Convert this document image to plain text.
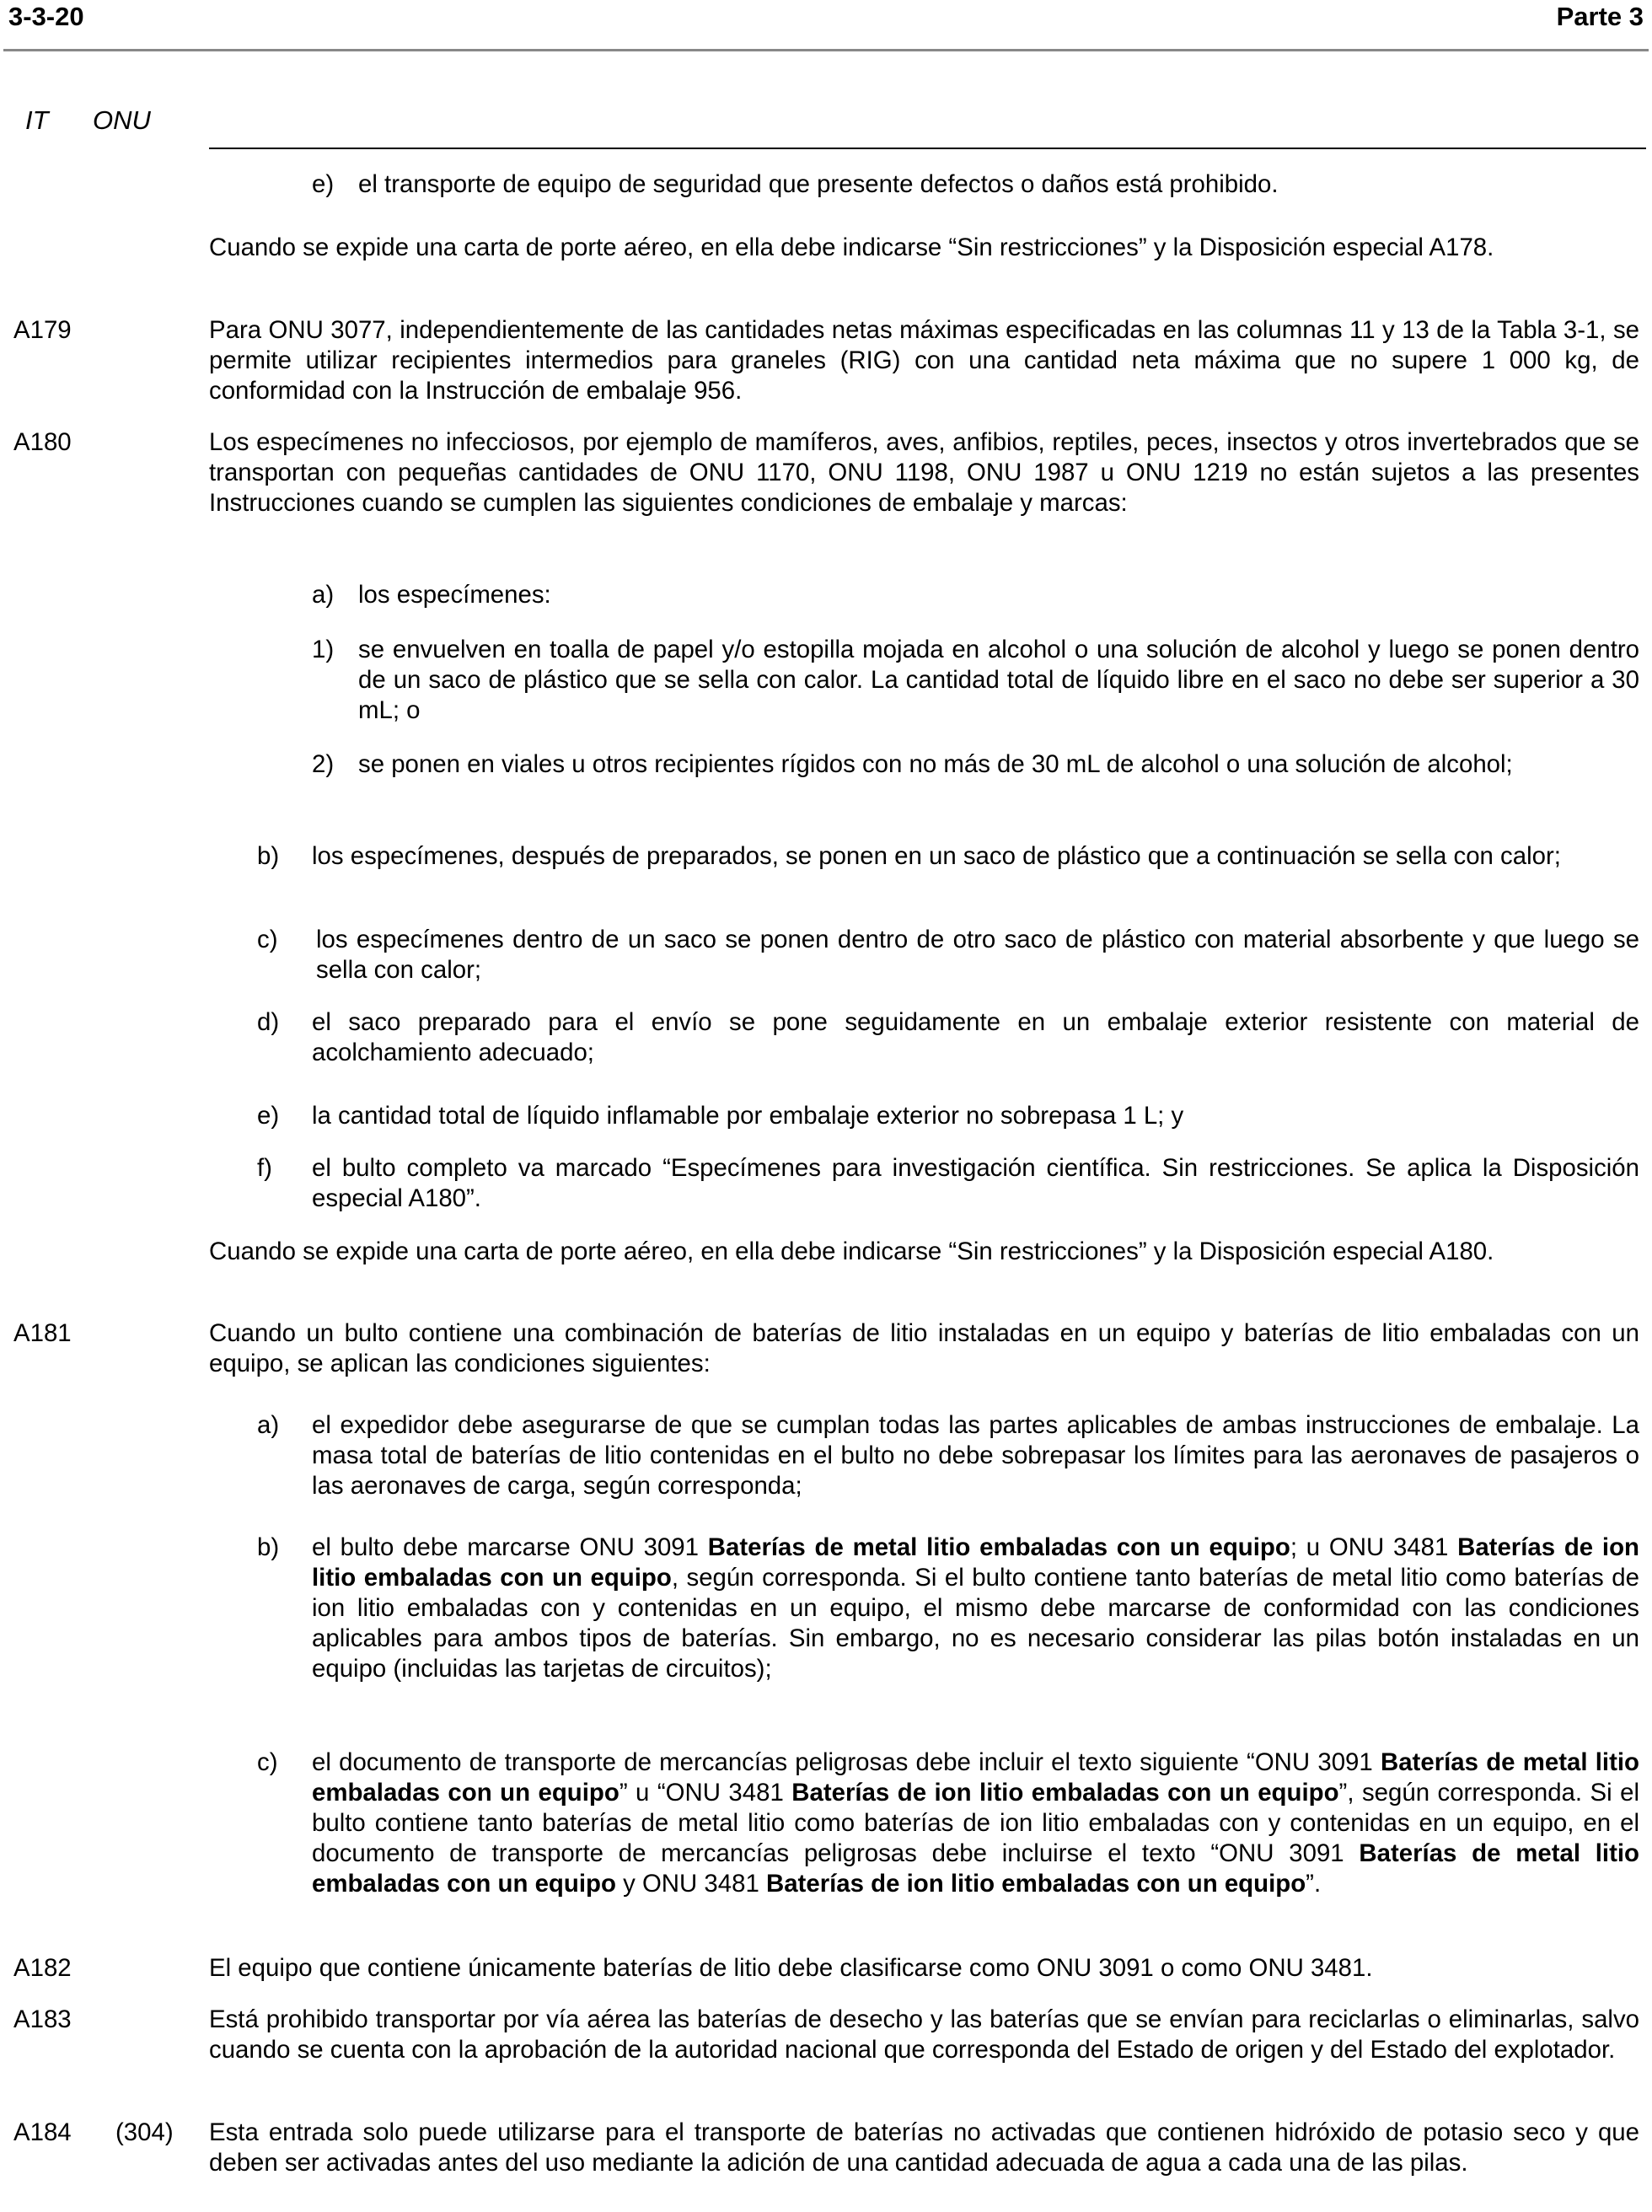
3-3-20	Parte 3
IT ONU
e) el transporte de equipo de seguridad que presente defectos o daños está prohibido.
Cuando se expide una carta de porte aéreo, en ella debe indicarse “Sin restricciones” y la Disposición especial A178.
A179	Para ONU 3077, independientemente de las cantidades netas máximas especificadas en las columnas 11 y 13 de la Tabla 3-1, se permite utilizar recipientes intermedios para graneles (RIG) con una cantidad neta máxima que no supere 1 000 kg, de conformidad con la Instrucción de embalaje 956.
A180	Los especímenes no infecciosos, por ejemplo de mamíferos, aves, anfibios, reptiles, peces, insectos y otros invertebrados que se transportan con pequeñas cantidades de ONU 1170, ONU 1198, ONU 1987 u ONU 1219 no están sujetos a las presentes Instrucciones cuando se cumplen las siguientes condiciones de embalaje y marcas:
a) los especímenes:
1) se envuelven en toalla de papel y/o estopilla mojada en alcohol o una solución de alcohol y luego se ponen dentro de un saco de plástico que se sella con calor. La cantidad total de líquido libre en el saco no debe ser superior a 30 mL; o
2) se ponen en viales u otros recipientes rígidos con no más de 30 mL de alcohol o una solución de alcohol;
b) los especímenes, después de preparados, se ponen en un saco de plástico que a continuación se sella con calor;
c) los especímenes dentro de un saco se ponen dentro de otro saco de plástico con material absorbente y que luego se sella con calor;
d) el saco preparado para el envío se pone seguidamente en un embalaje exterior resistente con material de acolchamiento adecuado;
e) la cantidad total de líquido inflamable por embalaje exterior no sobrepasa 1 L; y
f) el bulto completo va marcado “Especímenes para investigación científica. Sin restricciones. Se aplica la Disposición especial A180”.
Cuando se expide una carta de porte aéreo, en ella debe indicarse “Sin restricciones” y la Disposición especial A180.
A181	Cuando un bulto contiene una combinación de baterías de litio instaladas en un equipo y baterías de litio embaladas con un equipo, se aplican las condiciones siguientes:
a) el expedidor debe asegurarse de que se cumplan todas las partes aplicables de ambas instrucciones de embalaje. La masa total de baterías de litio contenidas en el bulto no debe sobrepasar los límites para las aeronaves de pasajeros o las aeronaves de carga, según corresponda;
b) el bulto debe marcarse ONU 3091 Baterías de metal litio embaladas con un equipo; u ONU 3481 Baterías de ion litio embaladas con un equipo, según corresponda. Si el bulto contiene tanto baterías de metal litio como baterías de ion litio embaladas con y contenidas en un equipo, el mismo debe marcarse de conformidad con las condiciones aplicables para ambos tipos de baterías. Sin embargo, no es necesario considerar las pilas botón instaladas en un equipo (incluidas las tarjetas de circuitos);
c) el documento de transporte de mercancías peligrosas debe incluir el texto siguiente “ONU 3091 Baterías de metal litio embaladas con un equipo” u “ONU 3481 Baterías de ion litio embaladas con un equipo”, según corresponda. Si el bulto contiene tanto baterías de metal litio como baterías de ion litio embaladas con y contenidas en un equipo, en el documento de transporte de mercancías peligrosas debe incluirse el texto “ONU 3091 Baterías de metal litio embaladas con un equipo y ONU 3481 Baterías de ion litio embaladas con un equipo”.
A182	El equipo que contiene únicamente baterías de litio debe clasificarse como ONU 3091 o como ONU 3481.
A183	Está prohibido transportar por vía aérea las baterías de desecho y las baterías que se envían para reciclarlas o eliminarlas, salvo cuando se cuenta con la aprobación de la autoridad nacional que corresponda del Estado de origen y del Estado del explotador.
A184 (304) Esta entrada solo puede utilizarse para el transporte de baterías no activadas que contienen hidróxido de potasio seco y que deben ser activadas antes del uso mediante la adición de una cantidad adecuada de agua a cada una de las pilas.
